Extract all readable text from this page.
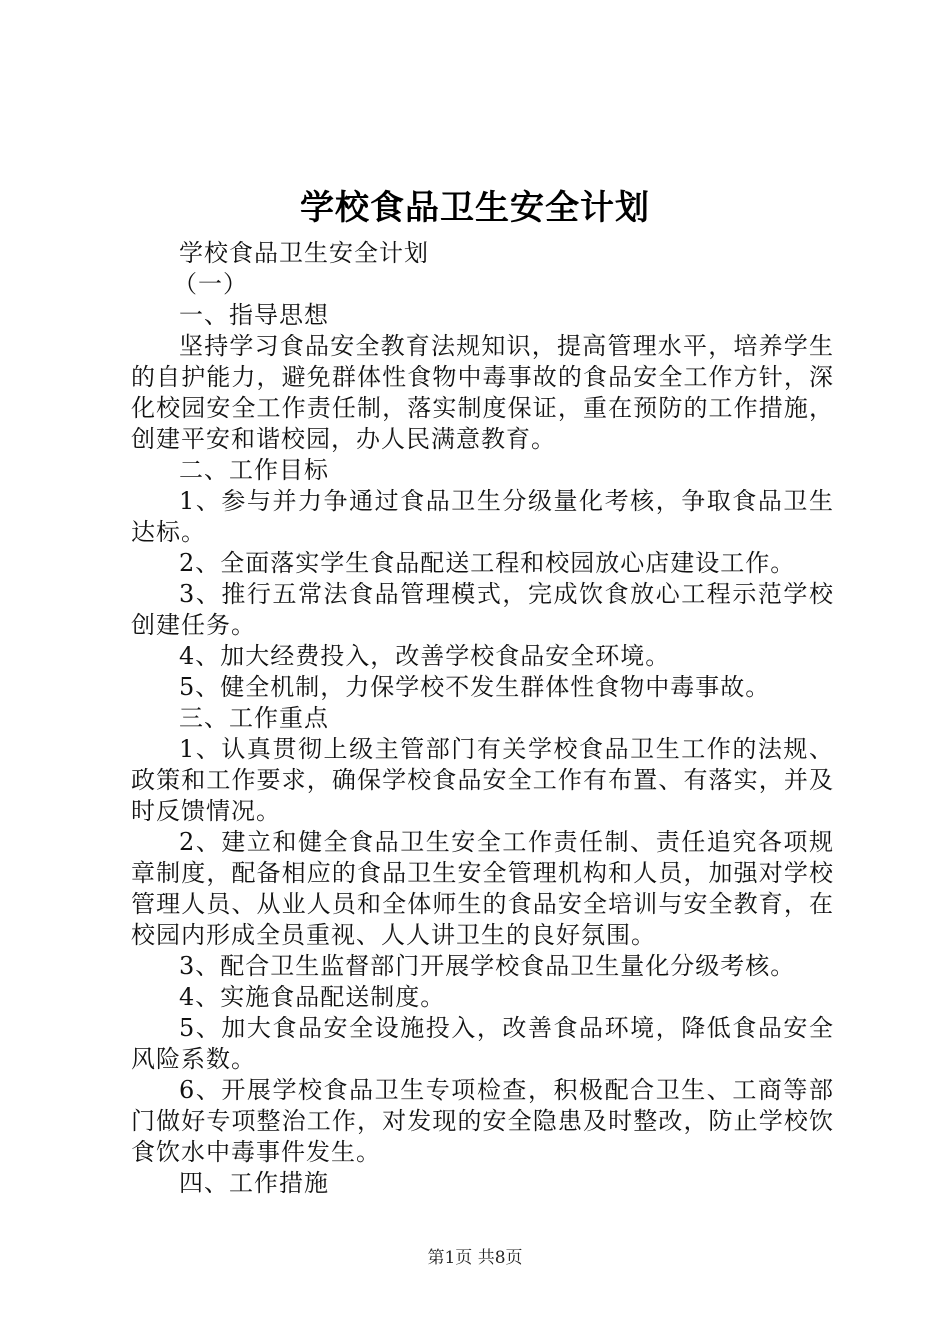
学校食品卫生安全计划

学校食品卫生安全计划

（一）

一、指导思想

坚持学习食品安全教育法规知识，提高管理水平，培养学生的自护能力，避免群体性食物中毒事故的食品安全工作方针，深化校园安全工作责任制，落实制度保证，重在预防的工作措施，创建平安和谐校园，办人民满意教育。

二、工作目标

1、参与并力争通过食品卫生分级量化考核，争取食品卫生达标。

2、全面落实学生食品配送工程和校园放心店建设工作。

3、推行五常法食品管理模式，完成饮食放心工程示范学校创建任务。

4、加大经费投入，改善学校食品安全环境。

5、健全机制，力保学校不发生群体性食物中毒事故。

三、工作重点

1、认真贯彻上级主管部门有关学校食品卫生工作的法规、政策和工作要求，确保学校食品安全工作有布置、有落实，并及时反馈情况。

2、建立和健全食品卫生安全工作责任制、责任追究各项规章制度，配备相应的食品卫生安全管理机构和人员，加强对学校管理人员、从业人员和全体师生的食品安全培训与安全教育，在校园内形成全员重视、人人讲卫生的良好氛围。

3、配合卫生监督部门开展学校食品卫生量化分级考核。

4、实施食品配送制度。

5、加大食品安全设施投入，改善食品环境，降低食品安全风险系数。

6、开展学校食品卫生专项检查，积极配合卫生、工商等部门做好专项整治工作，对发现的安全隐患及时整改，防止学校饮食饮水中毒事件发生。

四、工作措施

第1页 共8页
